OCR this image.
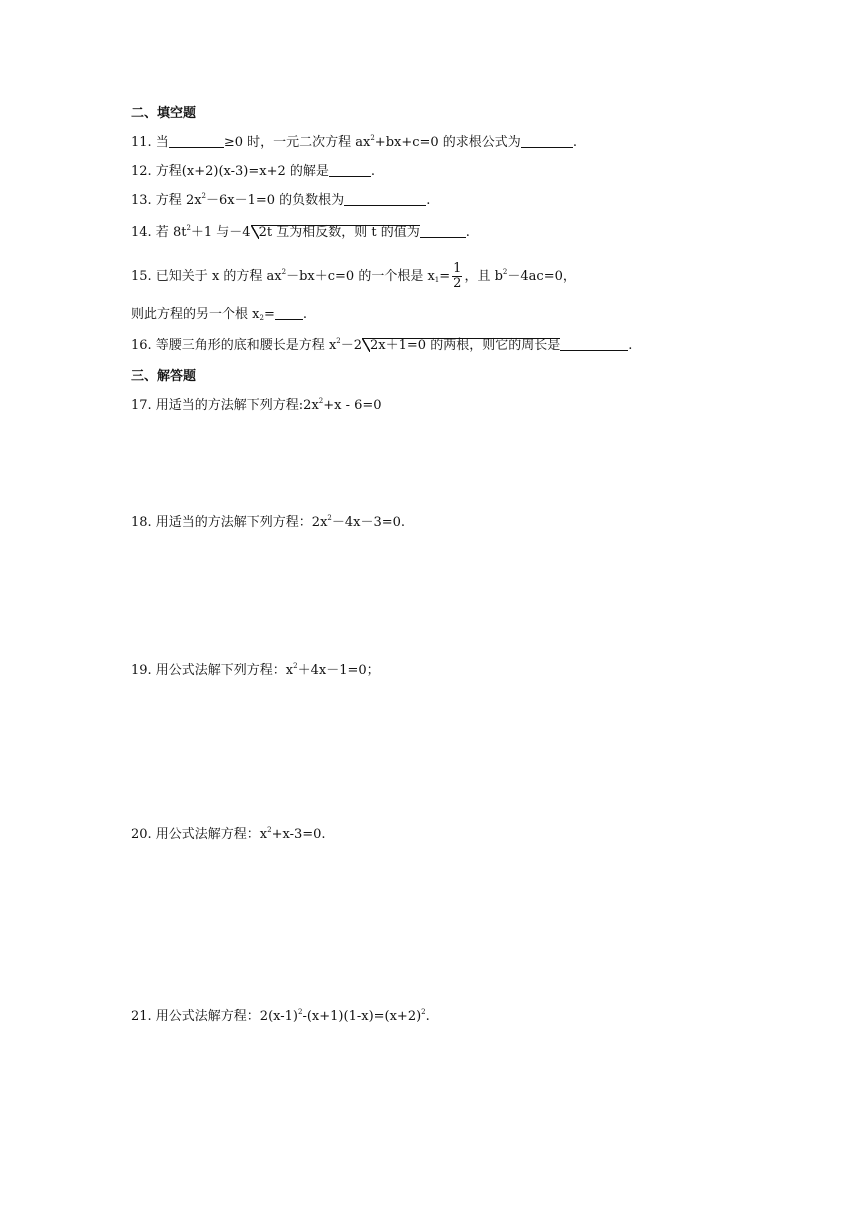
二、填空题
11. 当	≥0 时，一元二次方程 $ax^2+bx+c=0$ 的求根公式为	.
12. 方程(x+2)(x-3)=x+2 的解是	.
13. 方程 $2x^2-6x-1=0$ 的负数根为	.
14. 若 $8t^2+1$ 与－4 2t 互为相反数，则 t 的值为	.
15. 已知关于 x 的方程 $ax^2-bx+c=0$ 的一个根是 $x_1= \frac{1}{2}$ ，且 $b^2-4ac=0$，
则此方程的另一个根 $x_2=$ .
16. 等腰三角形的底和腰长是方程 $x^2-2$ 2x＋1=0 的两根，则它的周长是	.
三、解答题
17. 用适当的方法解下列方程$:2x^2+x - 6=0$
18. 用适当的方法解下列方程：$2x^2-4x-3=0$.
19. 用公式法解下列方程：$x^2+4x-1=0$；
20. 用公式法解方程：$x^2+x-3=0$.
21. 用公式法解方程：$2(x-1)^2-(x+1)(1-x)=(x+2)^2$.
